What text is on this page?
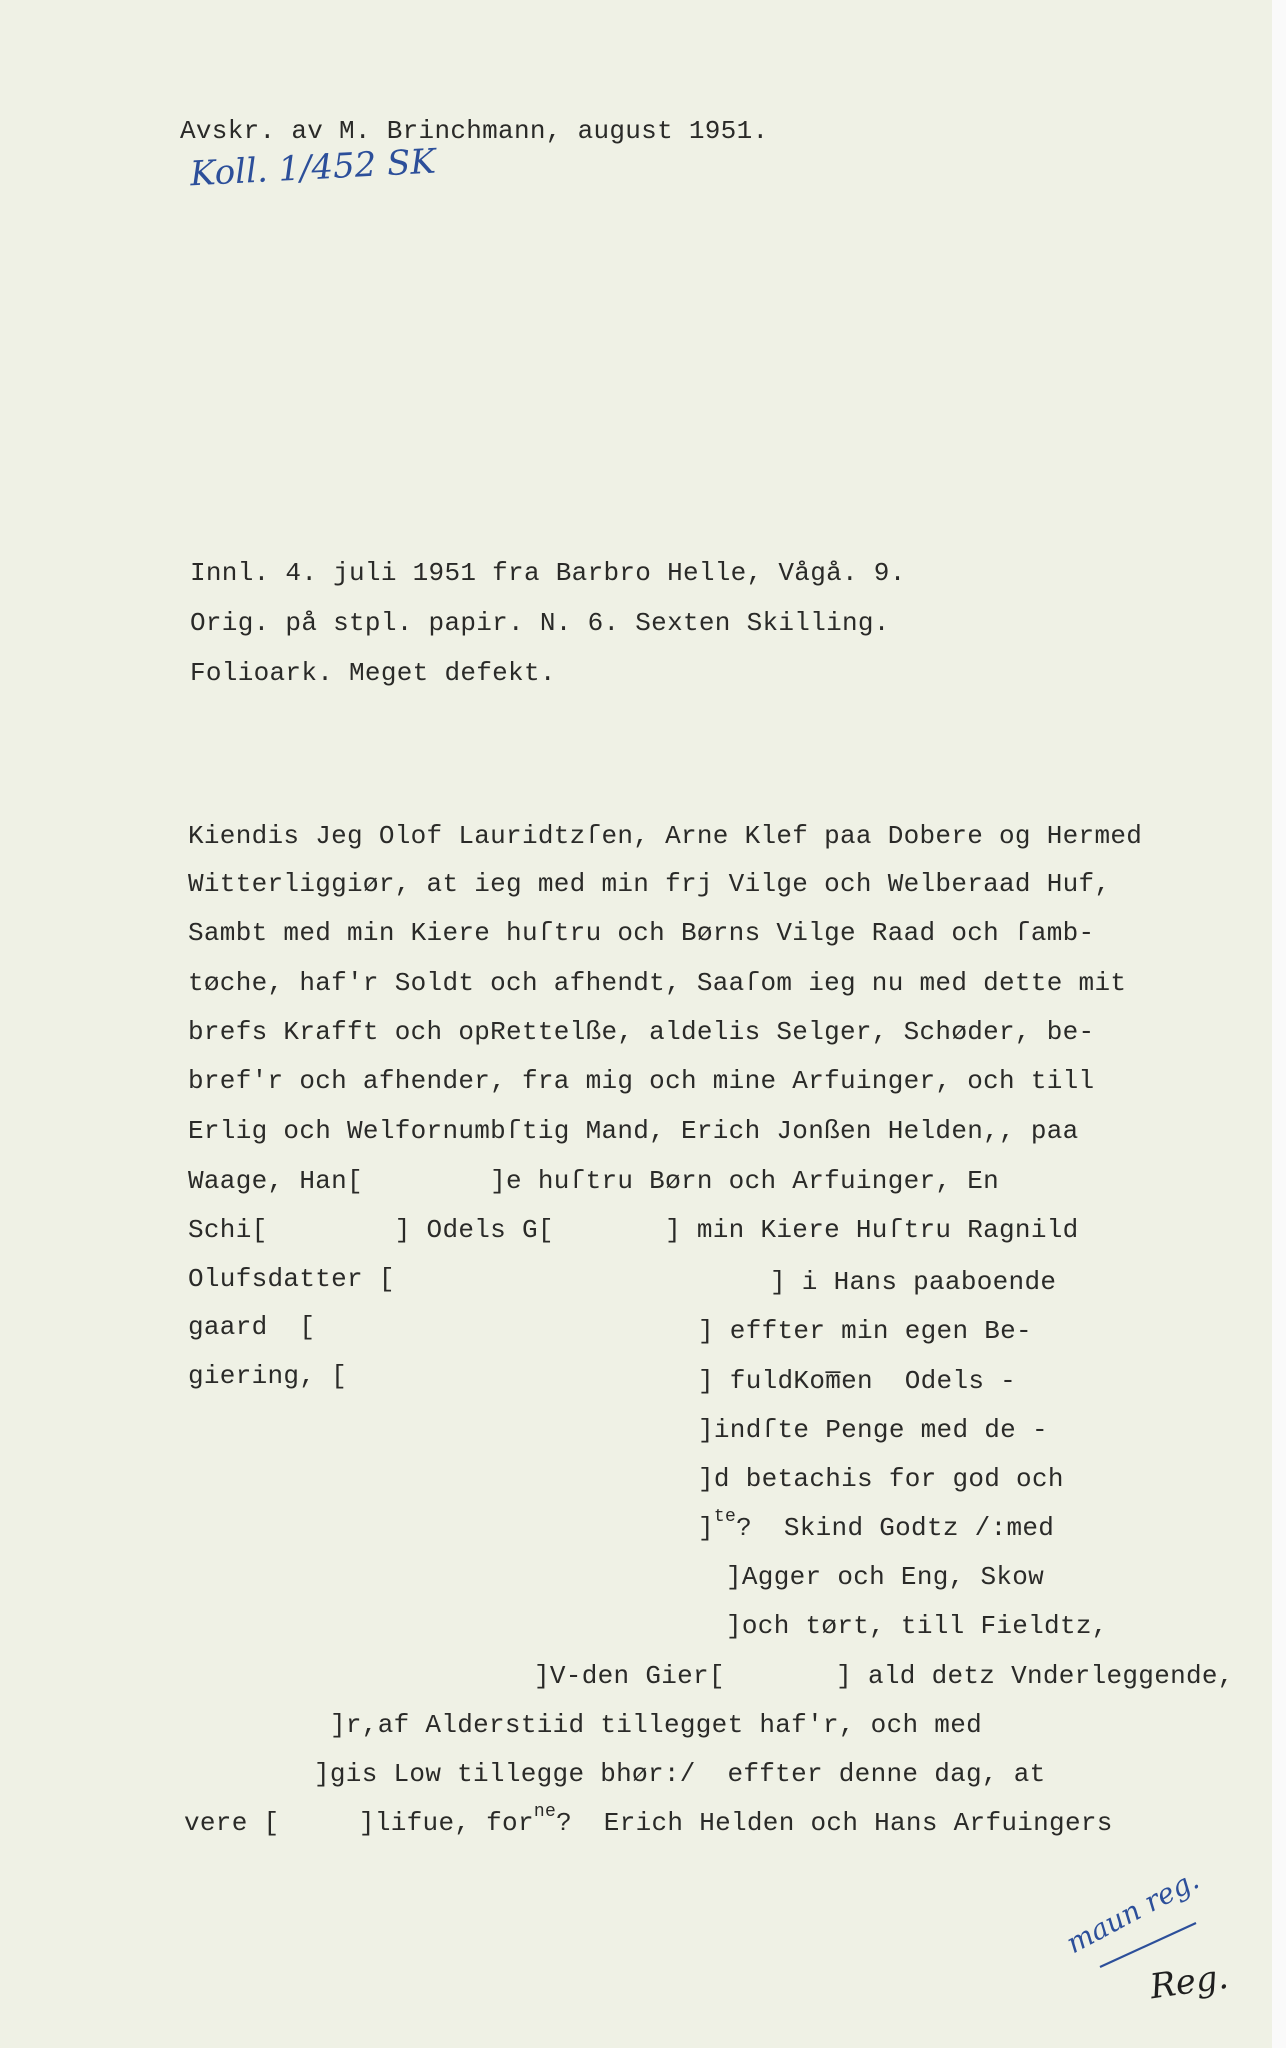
Avskr. av M. Brinchmann, august 1951.
Koll. 1/452 SK
Innl. 4. juli 1951 fra Barbro Helle, Vågå. 9.
Orig. på stpl. papir. N. 6. Sexten Skilling.
Folioark. Meget defekt.
Kiendis Jeg Olof Lauridtzſen, Arne Klef paa Dobere og Hermed
Witterliggiør, at ieg med min frj Vilge och Welberaad Huf,
Sambt med min Kiere huſtru och Børns Vilge Raad och ſamb-
tøche, haf'r Soldt och afhendt, Saaſom ieg nu med dette mit
brefs Krafft och opRettelße, aldelis Selger, Schøder, be-
bref'r och afhender, fra mig och mine Arfuinger, och till
Erlig och Welfornumbſtig Mand, Erich Jonßen Helden,, paa
Waage, Han[        ]e huſtru Børn och Arfuinger, En
Schi[        ] Odels G[       ] min Kiere Huſtru Ragnild
Olufsdatter [	] i Hans paaboende
gaard  [	] effter min egen Be-
giering, [	] fuldKom̅en  Odels -
]indſte Penge med de -
]d betachis for god och
]$^{te}$?  Skind Godtz /:med
]Agger och Eng, Skow
]och tørt, till Fieldtz,
]V-den Gier[       ] ald detz Vnderleggende,
]r,af Alderstiid tillegget haf'r, och med
]gis Low tillegge bhør:/  effter denne dag, at
vere [     ]lifue, for$^{ne}$?  Erich Helden och Hans Arfuingers
maun reg.
Reg.
